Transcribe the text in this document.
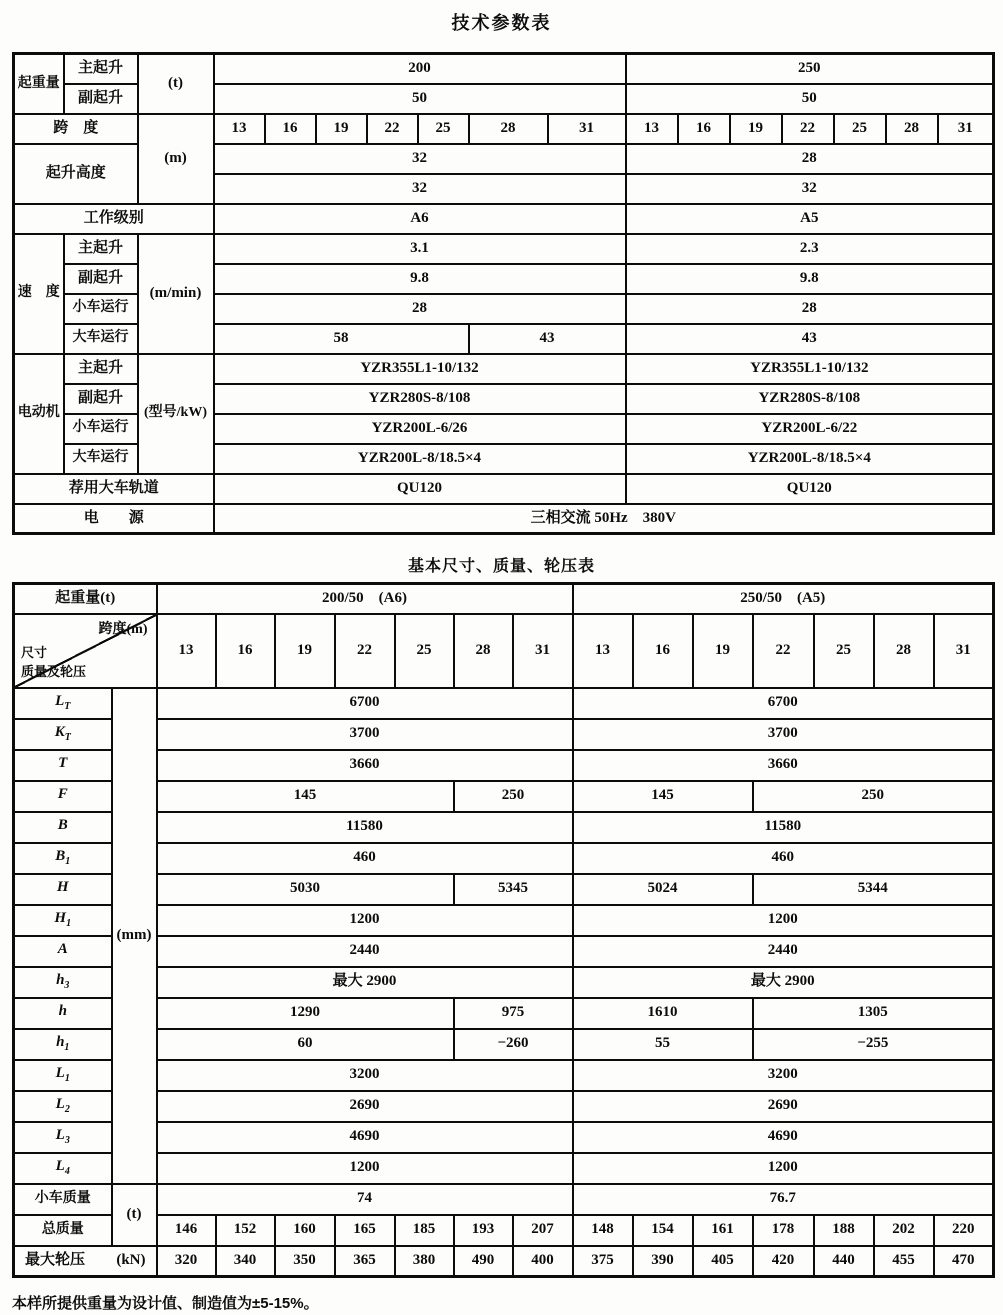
技术参数表
起重量	主起升	(t)	200							250						
	副起升		50							50						
跨　度		(m)	13	16	19	22	25	28	31	13	16	19	22	25	28	31
起升高度			32							28						
			32							32						
工作级别			A6							A5						
速　度	主起升	(m/min)	3.1							2.3						
	副起升		9.8							9.8						
	小车运行		28							28						
	大车运行		58					43		43						
电动机	主起升	(型号/kW)	YZR355L1-10/132							YZR355L1-10/132						
	副起升		YZR280S-8/108							YZR280S-8/108						
	小车运行		YZR200L-6/26							YZR200L-6/22						
	大车运行		YZR200L-8/18.5×4							YZR200L-8/18.5×4						
荐用大车轨道			QU120							QU120						
电　　源			三相交流 50Hz　380V													
基本尺寸、质量、轮压表
起重量(t)		200/50　(A6)							250/50　(A5)						

跨度(m)
尺寸
质量及轮压		13	16	19	22	25	28	31	13	16	19	22	25	28	31
$L_T$	(mm)	6700							6700						
$K_T$		3700							3700						
T		3660							3660						
F		145					250		145			250			
B		11580							11580						
$B_1$		460							460						
H		5030					5345		5024			5344			
$H_1$		1200							1200						
A		2440							2440						
$h_3$		最大 2900							最大 2900						
h		1290					975		1610			1305			
$h_1$		60					−260		55			−255			
$L_1$		3200							3200						
$L_2$		2690							2690						
$L_3$		4690							4690						
$L_4$		1200							1200						
小车质量	(t)	74							76.7						
总质量		146	152	160	165	185	193	207	148	154	161	178	188	202	220

最大轮压 (kN)		320	340	350	365	380	490	400	375	390	405	420	440	455	470
本样所提供重量为设计值、制造值为±5-15%。
